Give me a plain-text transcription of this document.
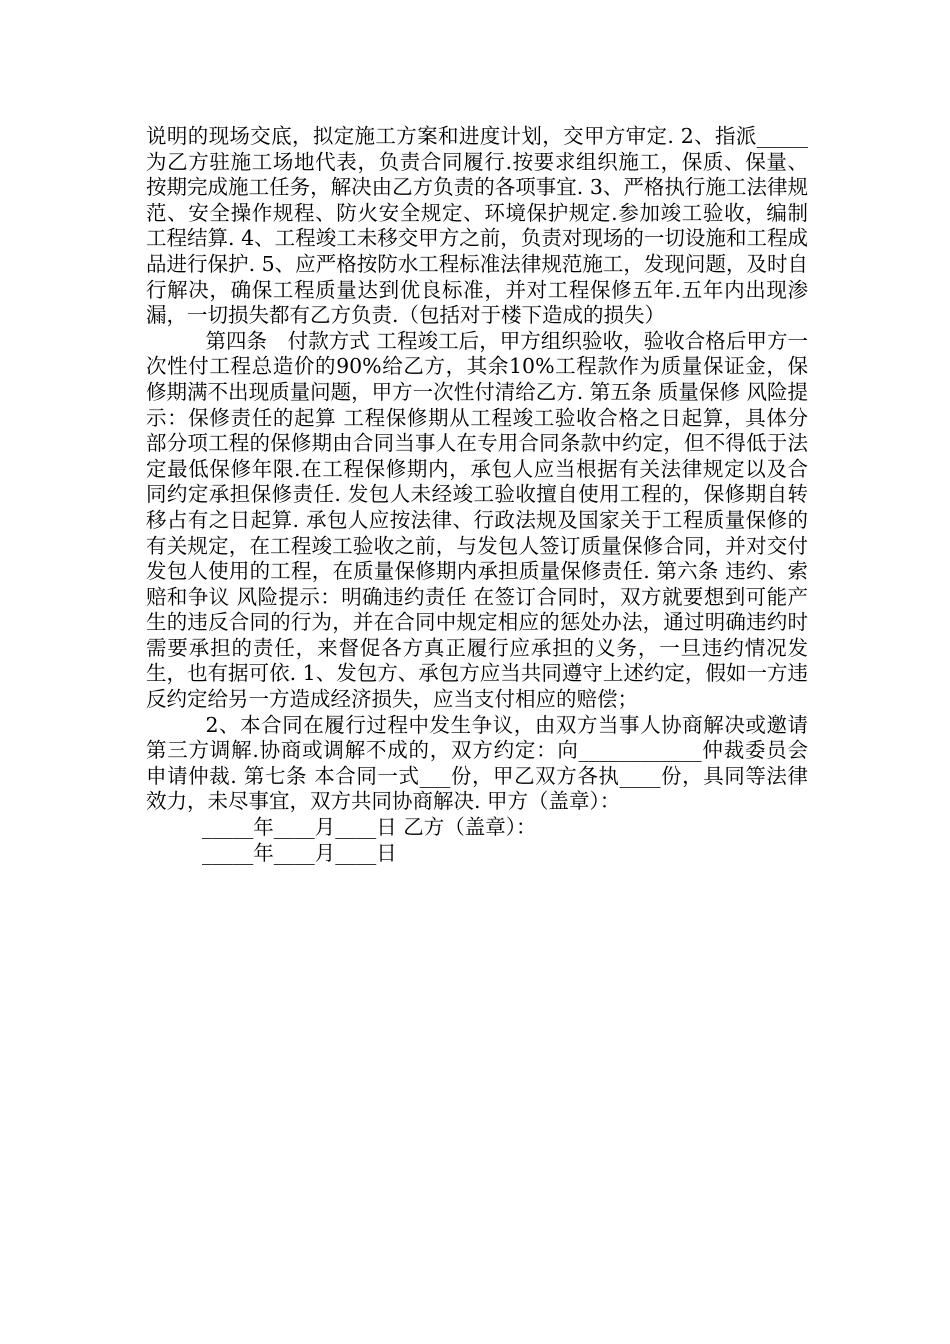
说明的现场交底，拟定施工方案和进度计划，交甲方审定. 2、指派_____为乙方驻施工场地代表，负责合同履行.按要求组织施工，保质、保量、按期完成施工任务，解决由乙方负责的各项事宜. 3、严格执行施工法律规范、安全操作规程、防火安全规定、环境保护规定.参加竣工验收，编制工程结算. 4、工程竣工未移交甲方之前，负责对现场的一切设施和工程成品进行保护. 5、应严格按防水工程标准法律规范施工，发现问题，及时自行解决，确保工程质量达到优良标准，并对工程保修五年.五年内出现渗漏，一切损失都有乙方负责.（包括对于楼下造成的损失）

第四条　付款方式 工程竣工后，甲方组织验收，验收合格后甲方一次性付工程总造价的90%给乙方，其余10%工程款作为质量保证金，保修期满不出现质量问题，甲方一次性付清给乙方. 第五条 质量保修 风险提示：保修责任的起算 工程保修期从工程竣工验收合格之日起算，具体分部分项工程的保修期由合同当事人在专用合同条款中约定，但不得低于法定最低保修年限.在工程保修期内，承包人应当根据有关法律规定以及合同约定承担保修责任. 发包人未经竣工验收擅自使用工程的，保修期自转移占有之日起算. 承包人应按法律、行政法规及国家关于工程质量保修的有关规定，在工程竣工验收之前，与发包人签订质量保修合同，并对交付发包人使用的工程，在质量保修期内承担质量保修责任. 第六条 违约、索赔和争议 风险提示：明确违约责任 在签订合同时，双方就要想到可能产生的违反合同的行为，并在合同中规定相应的惩处办法，通过明确违约时需要承担的责任，来督促各方真正履行应承担的义务，一旦违约情况发生，也有据可依. 1、发包方、承包方应当共同遵守上述约定，假如一方违反约定给另一方造成经济损失，应当支付相应的赔偿；

2、本合同在履行过程中发生争议，由双方当事人协商解决或邀请第三方调解.协商或调解不成的，双方约定：向____________仲裁委员会申请仲裁. 第七条 本合同一式___份，甲乙双方各执____份，具同等法律效力，未尽事宜，双方共同协商解决. 甲方（盖章）：

_____年____月____日 乙方（盖章）：

_____年____月____日
